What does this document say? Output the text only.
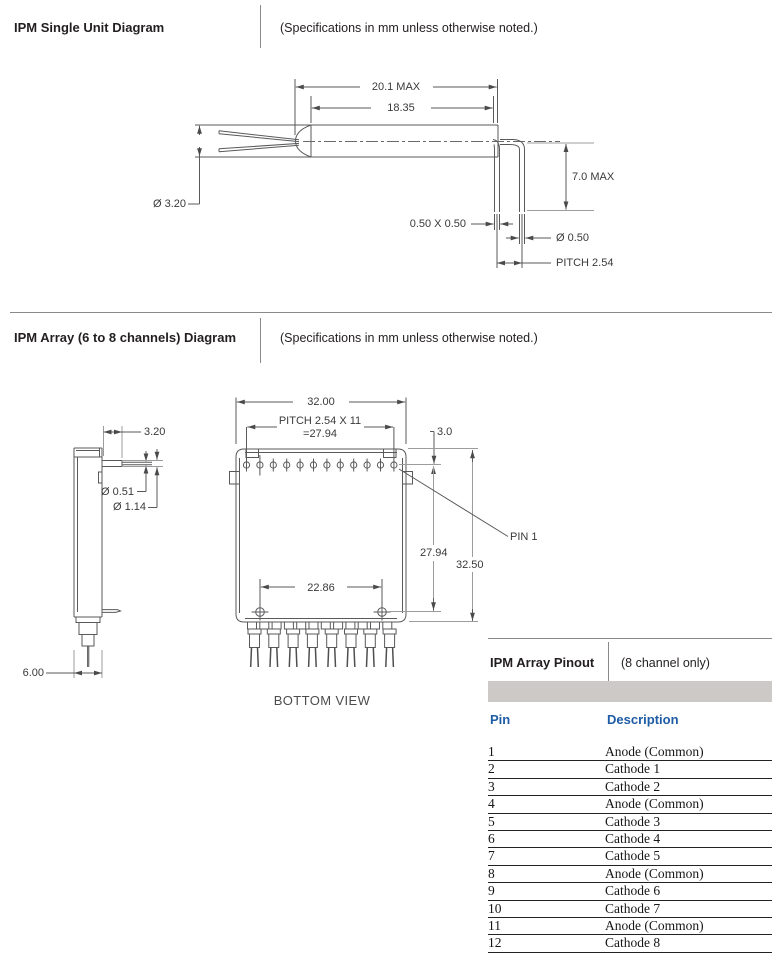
IPM Single Unit Diagram	(Specifications in mm unless otherwise noted.)
20.1 MAX
18.35
Ø 3.20
7.0 MAX
0.50 X 0.50
Ø 0.50
PITCH 2.54
IPM Array (6 to 8 channels) Diagram	(Specifications in mm unless otherwise noted.)
3.20
Ø 0.51
Ø 1.14
6.00
32.00
PITCH 2.54 X 11
=27.94	3.0
27.94
32.50
22.86
PIN 1
BOTTOM VIEW
IPM Array Pinout (8 channel only)
Pin	Description
1	Anode (Common)
2	Cathode 1
3	Cathode 2
4	Anode (Common)
5	Cathode 3
6	Cathode 4
7	Cathode 5
8	Anode (Common)
9	Cathode 6
10	Cathode 7
11	Anode (Common)
12	Cathode 8
